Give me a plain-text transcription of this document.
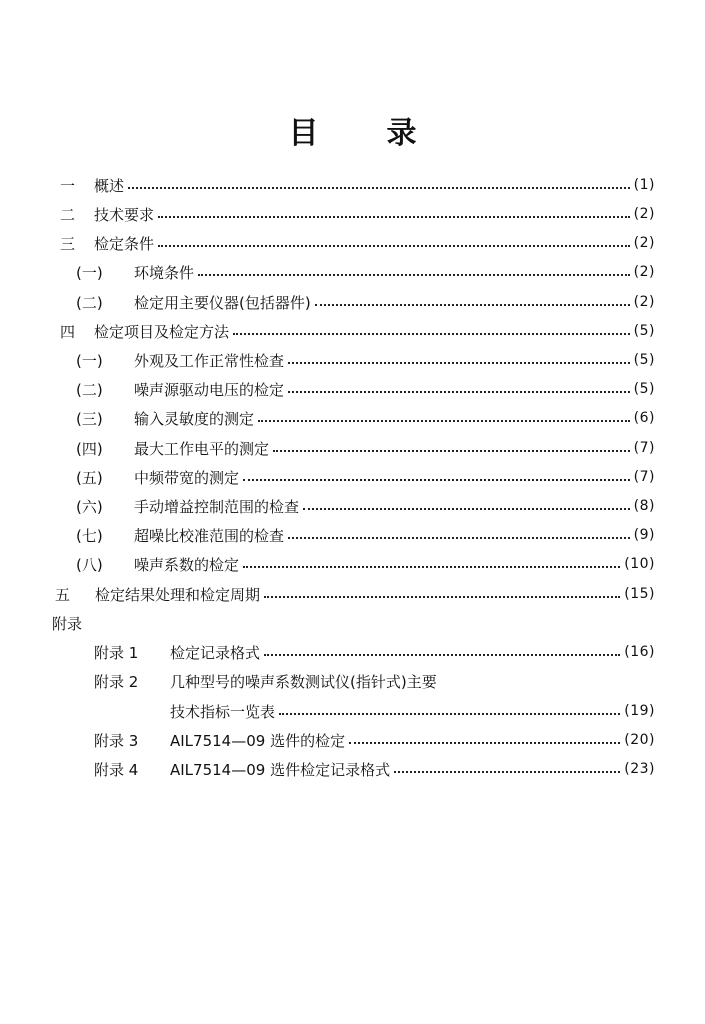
目 录
一	概述	(1)
二	技术要求	(2)
三	检定条件	(2)
(一)	环境条件	(2)
(二)	检定用主要仪器(包括器件)	(2)
四	检定项目及检定方法	(5)
(一)	外观及工作正常性检查	(5)
(二)	噪声源驱动电压的检定	(5)
(三)	输入灵敏度的测定	(6)
(四)	最大工作电平的测定	(7)
(五)	中频带宽的测定	(7)
(六)	手动增益控制范围的检查	(8)
(七)	超噪比校准范围的检查	(9)
(八)	噪声系数的检定	(10)
五	检定结果处理和检定周期	(15)
附录
附录 1	检定记录格式	(16)
附录 2	几种型号的噪声系数测试仪(指针式)主要
技术指标一览表	(19)
附录 3	AIL7514—09 选件的检定	(20)
附录 4	AIL7514—09 选件检定记录格式	(23)
